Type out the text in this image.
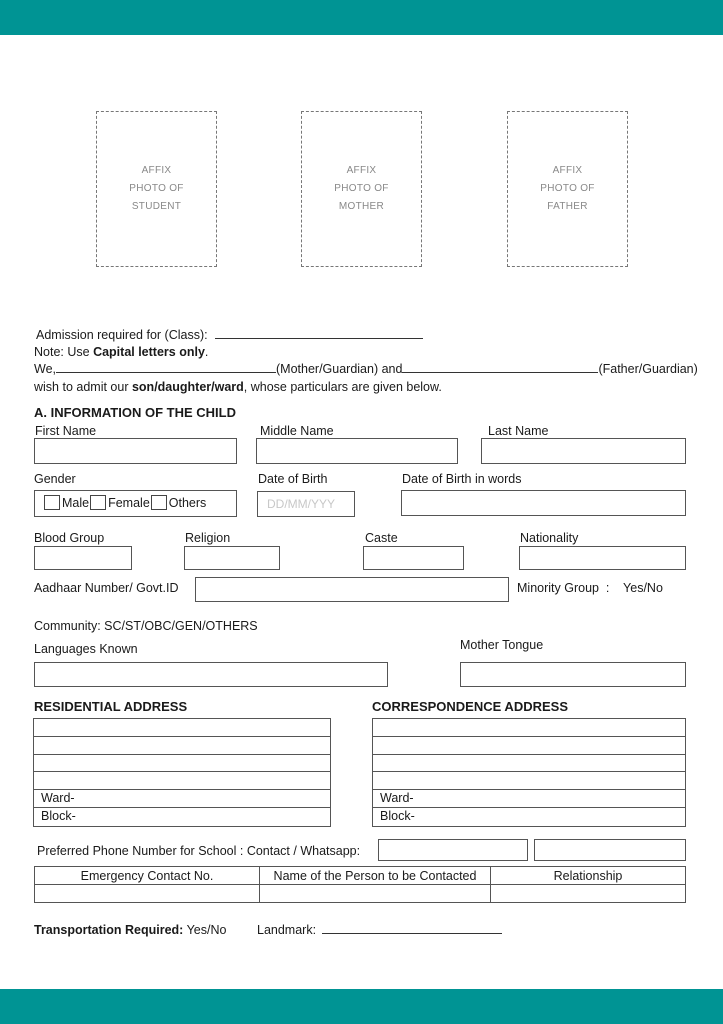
AFFIX
PHOTO OF
STUDENT
AFFIX
PHOTO OF
MOTHER
AFFIX
PHOTO OF
FATHER
Admission required for (Class):
Note: Use Capital letters only.
We,	(Mother/Guardian) and	(Father/Guardian)
wish to admit our son/daughter/ward, whose particulars are given below.
A. INFORMATION OF THE CHILD
First Name	Middle Name	Last Name
Gender
Male Female Others
Date of Birth
DD/MM/YYY
Date of Birth in words
Blood Group	Religion	Caste	Nationality
Aadhaar Number/ Govt.ID	Minority Group  :    Yes/No
Community: SC/ST/OBC/GEN/OTHERS
Languages Known	Mother Tongue
RESIDENTIAL ADDRESS
Ward-
Block-
CORRESPONDENCE ADDRESS
Ward-
Block-
Preferred Phone Number for School : Contact / Whatsapp:
Emergency Contact No.	Name of the Person to be Contacted	Relationship

Transportation Required: Yes/No Landmark:
